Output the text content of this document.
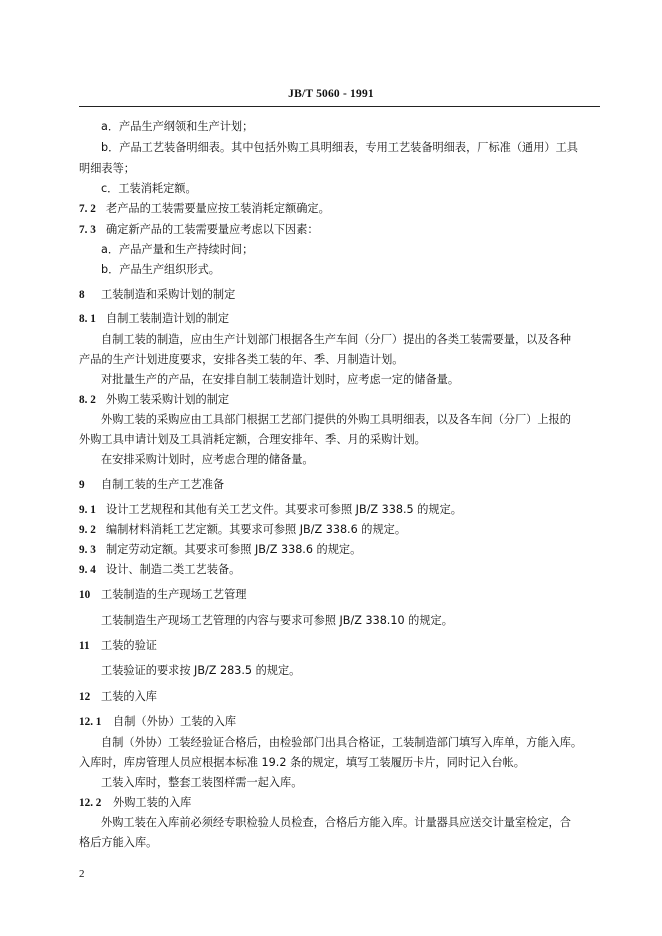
JB/T 5060 - 1991
a．产品生产纲领和生产计划；
b．产品工艺装备明细表。其中包括外购工具明细表，专用工艺装备明细表，厂标准（通用）工具
明细表等；
c．工装消耗定额。
7. 2 老产品的工装需要量应按工装消耗定额确定。
7. 3 确定新产品的工装需要量应考虑以下因素：
a．产品产量和生产持续时间；
b．产品生产组织形式。
8 工装制造和采购计划的制定
8. 1 自制工装制造计划的制定
自制工装的制造，应由生产计划部门根据各生产车间（分厂）提出的各类工装需要量，以及各种
产品的生产计划进度要求，安排各类工装的年、季、月制造计划。
对批量生产的产品，在安排自制工装制造计划时，应考虑一定的储备量。
8. 2 外购工装采购计划的制定
外购工装的采购应由工具部门根据工艺部门提供的外购工具明细表，以及各车间（分厂）上报的
外购工具申请计划及工具消耗定额，合理安排年、季、月的采购计划。
在安排采购计划时，应考虑合理的储备量。
9 自制工装的生产工艺准备
9. 1 设计工艺规程和其他有关工艺文件。其要求可参照 JB/Z 338.5 的规定。
9. 2 编制材料消耗工艺定额。其要求可参照 JB/Z 338.6 的规定。
9. 3 制定劳动定额。其要求可参照 JB/Z 338.6 的规定。
9. 4 设计、制造二类工艺装备。
10 工装制造的生产现场工艺管理
工装制造生产现场工艺管理的内容与要求可参照 JB/Z 338.10 的规定。
11 工装的验证
工装验证的要求按 JB/Z 283.5 的规定。
12 工装的入库
12. 1 自制（外协）工装的入库
自制（外协）工装经验证合格后，由检验部门出具合格证，工装制造部门填写入库单，方能入库。
入库时，库房管理人员应根据本标准 19.2 条的规定，填写工装履历卡片，同时记入台帐。
工装入库时，整套工装图样需一起入库。
12. 2 外购工装的入库
外购工装在入库前必须经专职检验人员检查，合格后方能入库。计量器具应送交计量室检定，合
格后方能入库。
2
